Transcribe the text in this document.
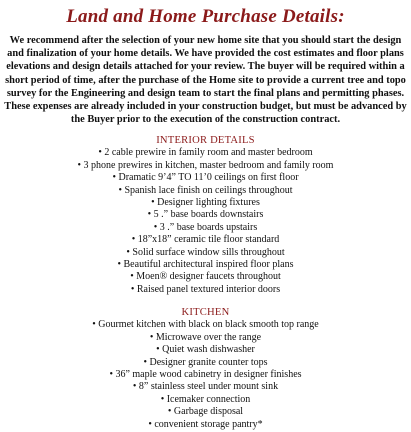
Land and Home Purchase Details:

We recommend after the selection of your new home site that you should start the design and finalization of your home details. We have provided the cost estimates and floor plans elevations and design details attached for your review. The buyer will be required within a short period of time, after the purchase of the Home site to provide a current tree and topo survey for the Engineering and design team to start the final plans and permitting phases. These expenses are already included in your construction budget, but must be advanced by the Buyer prior to the execution of the construction contract.

INTERIOR DETAILS
• 2 cable prewire in family room and master bedroom
• 3 phone prewires in kitchen, master bedroom and family room
• Dramatic 9’4” TO 11’0 ceilings on first floor
• Spanish lace finish on ceilings throughout
• Designer lighting fixtures
• 5 .” base boards downstairs
• 3 .” base boards upstairs
• 18”x18” ceramic tile floor standard
• Solid surface window sills throughout
• Beautiful architectural inspired floor plans
• Moen® designer faucets throughout
• Raised panel textured interior doors
KITCHEN
• Gourmet kitchen with black on black smooth top range
• Microwave over the range
• Quiet wash dishwasher
• Designer granite counter tops
• 36” maple wood cabinetry in designer finishes
• 8” stainless steel under mount sink
• Icemaker connection
• Garbage disposal
• convenient storage pantry*
